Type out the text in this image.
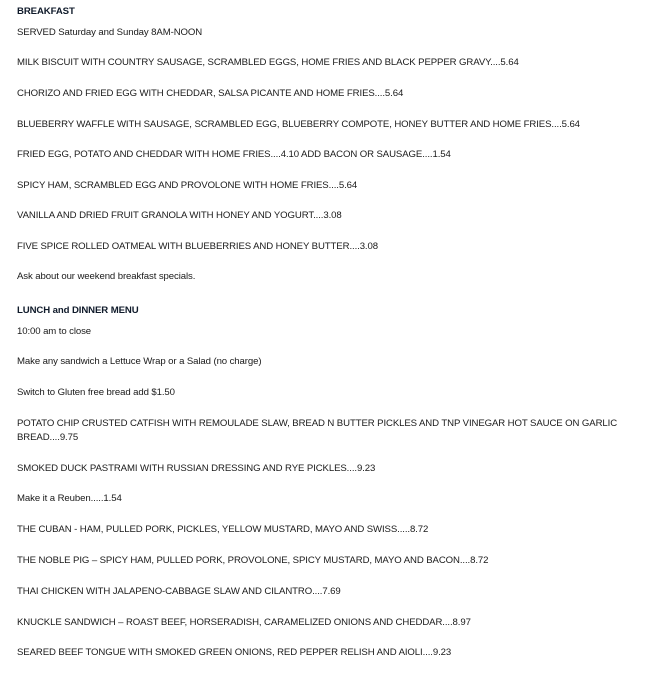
BREAKFAST
SERVED Saturday and Sunday 8AM-NOON
MILK BISCUIT WITH COUNTRY SAUSAGE, SCRAMBLED EGGS, HOME FRIES AND BLACK PEPPER GRAVY....5.64
CHORIZO AND FRIED EGG WITH CHEDDAR, SALSA PICANTE AND HOME FRIES....5.64
BLUEBERRY WAFFLE WITH SAUSAGE, SCRAMBLED EGG, BLUEBERRY COMPOTE, HONEY BUTTER AND HOME FRIES....5.64
FRIED EGG, POTATO AND CHEDDAR WITH HOME FRIES....4.10 ADD BACON OR SAUSAGE....1.54
SPICY HAM, SCRAMBLED EGG AND PROVOLONE WITH HOME FRIES....5.64
VANILLA AND DRIED FRUIT GRANOLA WITH HONEY AND YOGURT....3.08
FIVE SPICE ROLLED OATMEAL WITH BLUEBERRIES AND HONEY BUTTER....3.08
Ask about our weekend breakfast specials.
LUNCH and DINNER MENU
10:00 am to close
Make any sandwich a Lettuce Wrap or a Salad (no charge)
Switch to Gluten free bread add $1.50
POTATO CHIP CRUSTED CATFISH WITH REMOULADE SLAW, BREAD N BUTTER PICKLES AND TNP VINEGAR HOT SAUCE ON GARLIC BREAD....9.75
SMOKED DUCK PASTRAMI WITH RUSSIAN DRESSING AND RYE PICKLES....9.23
Make it a Reuben.....1.54
THE CUBAN - HAM, PULLED PORK, PICKLES, YELLOW MUSTARD, MAYO AND SWISS.....8.72
THE NOBLE PIG – SPICY HAM, PULLED PORK, PROVOLONE, SPICY MUSTARD, MAYO AND BACON....8.72
THAI CHICKEN WITH JALAPENO-CABBAGE SLAW AND CILANTRO....7.69
KNUCKLE SANDWICH – ROAST BEEF, HORSERADISH, CARAMELIZED ONIONS AND CHEDDAR....8.97
SEARED BEEF TONGUE WITH SMOKED GREEN ONIONS, RED PEPPER RELISH AND AIOLI....9.23
